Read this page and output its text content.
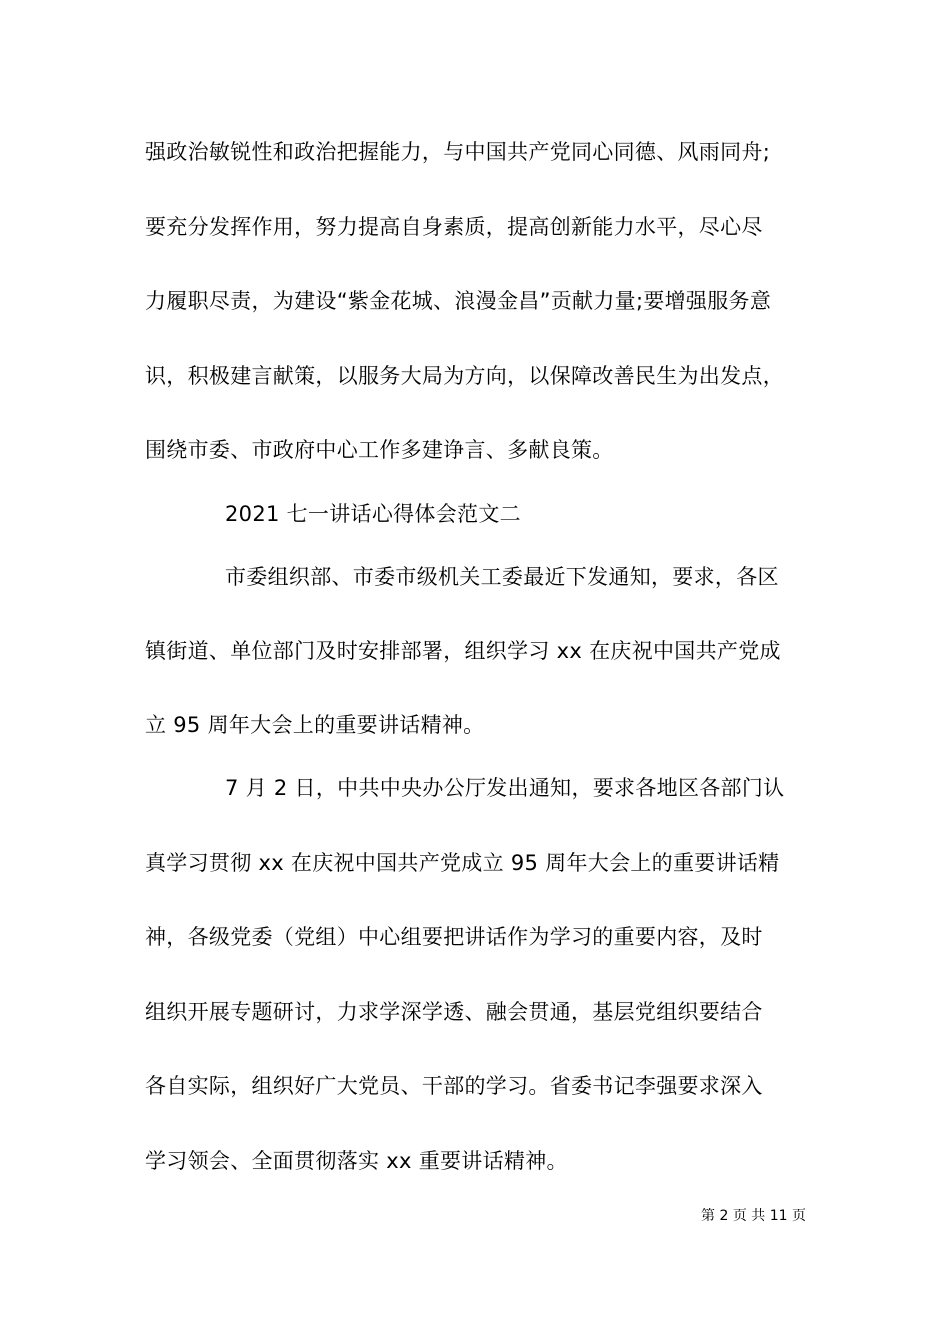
强政治敏锐性和政治把握能力，与中国共产党同心同德、风雨同舟;
要充分发挥作用，努力提高自身素质，提高创新能力水平，尽心尽
力履职尽责，为建设“紫金花城、浪漫金昌”贡献力量;要增强服务意
识，积极建言献策，以服务大局为方向，以保障改善民生为出发点，
围绕市委、市政府中心工作多建诤言、多献良策。
2021 七一讲话心得体会范文二
市委组织部、市委市级机关工委最近下发通知，要求，各区
镇街道、单位部门及时安排部署，组织学习 xx 在庆祝中国共产党成
立 95 周年大会上的重要讲话精神。
7 月 2 日，中共中央办公厅发出通知，要求各地区各部门认
真学习贯彻 xx 在庆祝中国共产党成立 95 周年大会上的重要讲话精
神，各级党委（党组）中心组要把讲话作为学习的重要内容，及时
组织开展专题研讨，力求学深学透、融会贯通，基层党组织要结合
各自实际，组织好广大党员、干部的学习。省委书记李强要求深入
学习领会、全面贯彻落实 xx 重要讲话精神。
第 2 页 共 11 页
